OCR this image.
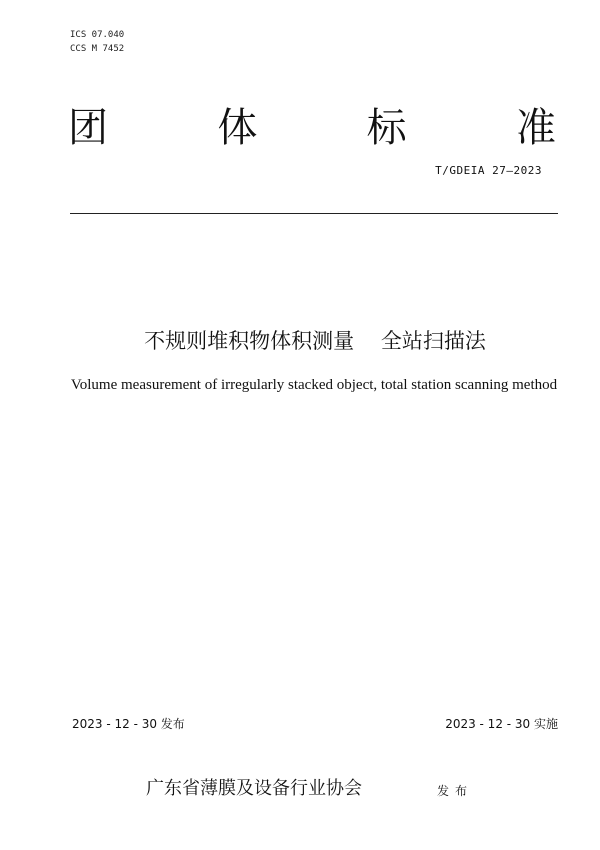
ICS 07.040
CCS M 7452
团	体	标	准
T/GDEIA 27—2023
不规则堆积物体积测量    全站扫描法
Volume measurement of irregularly stacked object, total station scanning method
2023 - 12 - 30 发布	2023 - 12 - 30 实施
广东省薄膜及设备行业协会	发布
